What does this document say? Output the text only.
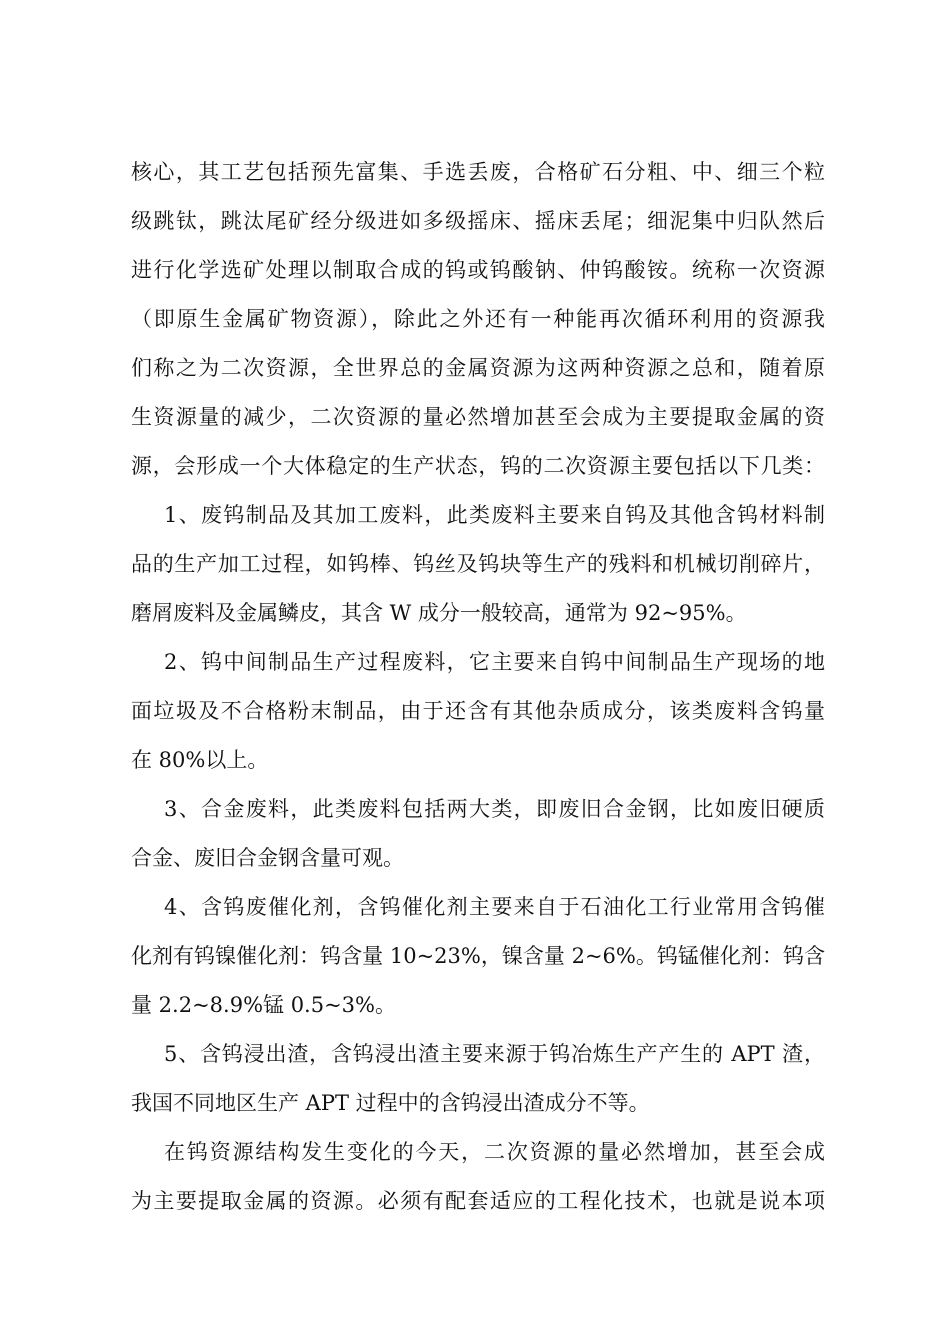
核心，其工艺包括预先富集、手选丢废，合格矿石分粗、中、细三个粒
级跳钛，跳汰尾矿经分级进如多级摇床、摇床丢尾；细泥集中归队然后
进行化学选矿处理以制取合成的钨或钨酸钠、仲钨酸铵。统称一次资源
（即原生金属矿物资源），除此之外还有一种能再次循环利用的资源我
们称之为二次资源，全世界总的金属资源为这两种资源之总和，随着原
生资源量的减少，二次资源的量必然增加甚至会成为主要提取金属的资
源，会形成一个大体稳定的生产状态，钨的二次资源主要包括以下几类：
1、废钨制品及其加工废料，此类废料主要来自钨及其他含钨材料制
品的生产加工过程，如钨棒、钨丝及钨块等生产的残料和机械切削碎片，
磨屑废料及金属鳞皮，其含 W 成分一般较高，通常为 92~95%。
2、钨中间制品生产过程废料，它主要来自钨中间制品生产现场的地
面垃圾及不合格粉末制品，由于还含有其他杂质成分，该类废料含钨量
在 80%以上。
3、合金废料，此类废料包括两大类，即废旧合金钢，比如废旧硬质
合金、废旧合金钢含量可观。
4、含钨废催化剂，含钨催化剂主要来自于石油化工行业常用含钨催
化剂有钨镍催化剂：钨含量 10~23%，镍含量 2~6%。钨锰催化剂：钨含
量 2.2~8.9%锰 0.5~3%。
5、含钨浸出渣，含钨浸出渣主要来源于钨冶炼生产产生的 APT 渣，
我国不同地区生产 APT 过程中的含钨浸出渣成分不等。
在钨资源结构发生变化的今天，二次资源的量必然增加，甚至会成
为主要提取金属的资源。必须有配套适应的工程化技术，也就是说本项
